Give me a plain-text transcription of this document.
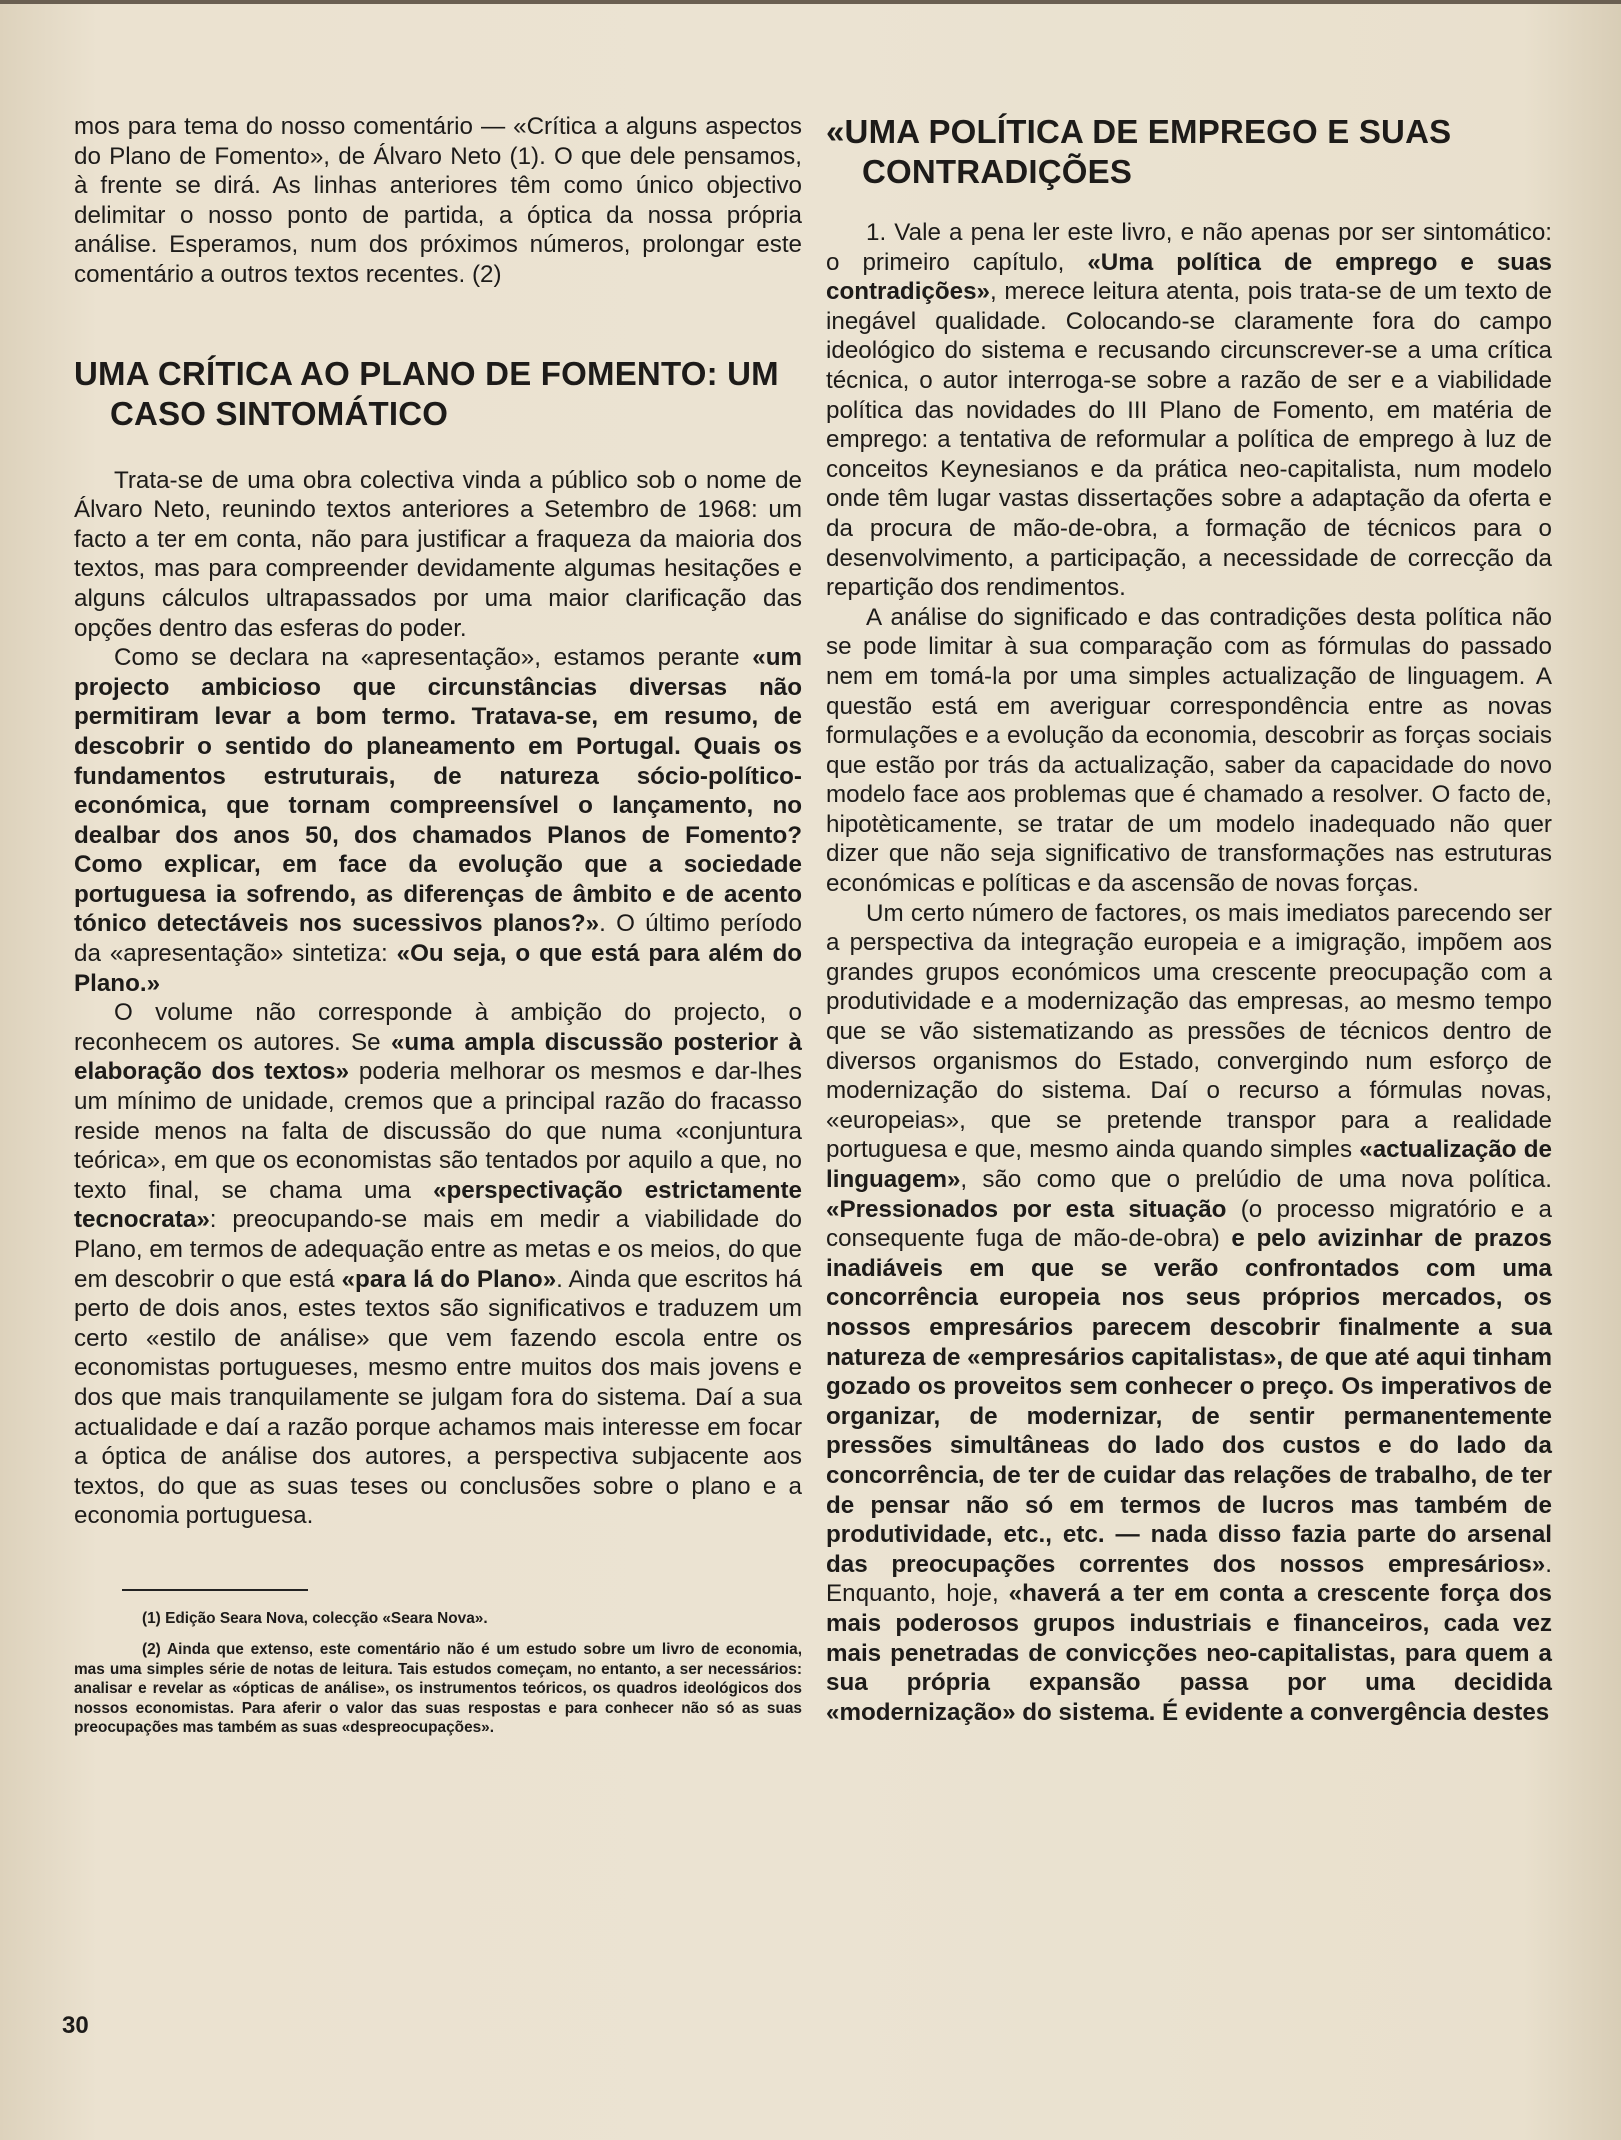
mos para tema do nosso comentário — «Crítica a alguns aspectos do Plano de Fomento», de Álvaro Neto (1). O que dele pensamos, à frente se dirá. As linhas anteriores têm como único objectivo delimitar o nosso ponto de partida, a óptica da nossa própria análise. Esperamos, num dos próximos números, prolongar este comentário a outros textos recentes. (2)

UMA CRÍTICA AO PLANO DE FOMENTO: UM CASO SINTOMÁTICO

Trata-se de uma obra colectiva vinda a público sob o nome de Álvaro Neto, reunindo textos anteriores a Setembro de 1968: um facto a ter em conta, não para justificar a fraqueza da maioria dos textos, mas para compreender devidamente algumas hesitações e alguns cálculos ultrapassados por uma maior clarificação das opções dentro das esferas do poder.

Como se declara na «apresentação», estamos perante «um projecto ambicioso que circunstâncias diversas não permitiram levar a bom termo. Tratava-se, em resumo, de descobrir o sentido do planeamento em Portugal. Quais os fundamentos estruturais, de natureza sócio-político-económica, que tornam compreensível o lançamento, no dealbar dos anos 50, dos chamados Planos de Fomento? Como explicar, em face da evolução que a sociedade portuguesa ia sofrendo, as diferenças de âmbito e de acento tónico detectáveis nos sucessivos planos?». O último período da «apresentação» sintetiza: «Ou seja, o que está para além do Plano.»

O volume não corresponde à ambição do projecto, o reconhecem os autores. Se «uma ampla discussão posterior à elaboração dos textos» poderia melhorar os mesmos e dar-lhes um mínimo de unidade, cremos que a principal razão do fracasso reside menos na falta de discussão do que numa «conjuntura teórica», em que os economistas são tentados por aquilo a que, no texto final, se chama uma «perspectivação estrictamente tecnocrata»: preocupando-se mais em medir a viabilidade do Plano, em termos de adequação entre as metas e os meios, do que em descobrir o que está «para lá do Plano». Ainda que escritos há perto de dois anos, estes textos são significativos e traduzem um certo «estilo de análise» que vem fazendo escola entre os economistas portugueses, mesmo entre muitos dos mais jovens e dos que mais tranquilamente se julgam fora do sistema. Daí a sua actualidade e daí a razão porque achamos mais interesse em focar a óptica de análise dos autores, a perspectiva subjacente aos textos, do que as suas teses ou conclusões sobre o plano e a economia portuguesa.

(1) Edição Seara Nova, colecção «Seara Nova».

(2) Ainda que extenso, este comentário não é um estudo sobre um livro de economia, mas uma simples série de notas de leitura. Tais estudos começam, no entanto, a ser necessários: analisar e revelar as «ópticas de análise», os instrumentos teóricos, os quadros ideológicos dos nossos economistas. Para aferir o valor das suas respostas e para conhecer não só as suas preocupações mas também as suas «despreocupações».

«UMA POLÍTICA DE EMPREGO E SUAS CONTRADIÇÕES

1. Vale a pena ler este livro, e não apenas por ser sintomático: o primeiro capítulo, «Uma política de emprego e suas contradições», merece leitura atenta, pois trata-se de um texto de inegável qualidade. Colocando-se claramente fora do campo ideológico do sistema e recusando circunscrever-se a uma crítica técnica, o autor interroga-se sobre a razão de ser e a viabilidade política das novidades do III Plano de Fomento, em matéria de emprego: a tentativa de reformular a política de emprego à luz de conceitos Keynesianos e da prática neo-capitalista, num modelo onde têm lugar vastas dissertações sobre a adaptação da oferta e da procura de mão-de-obra, a formação de técnicos para o desenvolvimento, a participação, a necessidade de correcção da repartição dos rendimentos.

A análise do significado e das contradições desta política não se pode limitar à sua comparação com as fórmulas do passado nem em tomá-la por uma simples actualização de linguagem. A questão está em averiguar correspondência entre as novas formulações e a evolução da economia, descobrir as forças sociais que estão por trás da actualização, saber da capacidade do novo modelo face aos problemas que é chamado a resolver. O facto de, hipotèticamente, se tratar de um modelo inadequado não quer dizer que não seja significativo de transformações nas estruturas económicas e políticas e da ascensão de novas forças.

Um certo número de factores, os mais imediatos parecendo ser a perspectiva da integração europeia e a imigração, impõem aos grandes grupos económicos uma crescente preocupação com a produtividade e a modernização das empresas, ao mesmo tempo que se vão sistematizando as pressões de técnicos dentro de diversos organismos do Estado, convergindo num esforço de modernização do sistema. Daí o recurso a fórmulas novas, «europeias», que se pretende transpor para a realidade portuguesa e que, mesmo ainda quando simples «actualização de linguagem», são como que o prelúdio de uma nova política. «Pressionados por esta situação (o processo migratório e a consequente fuga de mão-de-obra) e pelo avizinhar de prazos inadiáveis em que se verão confrontados com uma concorrência europeia nos seus próprios mercados, os nossos empresários parecem descobrir finalmente a sua natureza de «empresários capitalistas», de que até aqui tinham gozado os proveitos sem conhecer o preço. Os imperativos de organizar, de modernizar, de sentir permanentemente pressões simultâneas do lado dos custos e do lado da concorrência, de ter de cuidar das relações de trabalho, de ter de pensar não só em termos de lucros mas também de produtividade, etc., etc. — nada disso fazia parte do arsenal das preocupações correntes dos nossos empresários». Enquanto, hoje, «haverá a ter em conta a crescente força dos mais poderosos grupos industriais e financeiros, cada vez mais penetradas de convicções neo-capitalistas, para quem a sua própria expansão passa por uma decidida «modernização» do sistema. É evidente a convergência destes

30
